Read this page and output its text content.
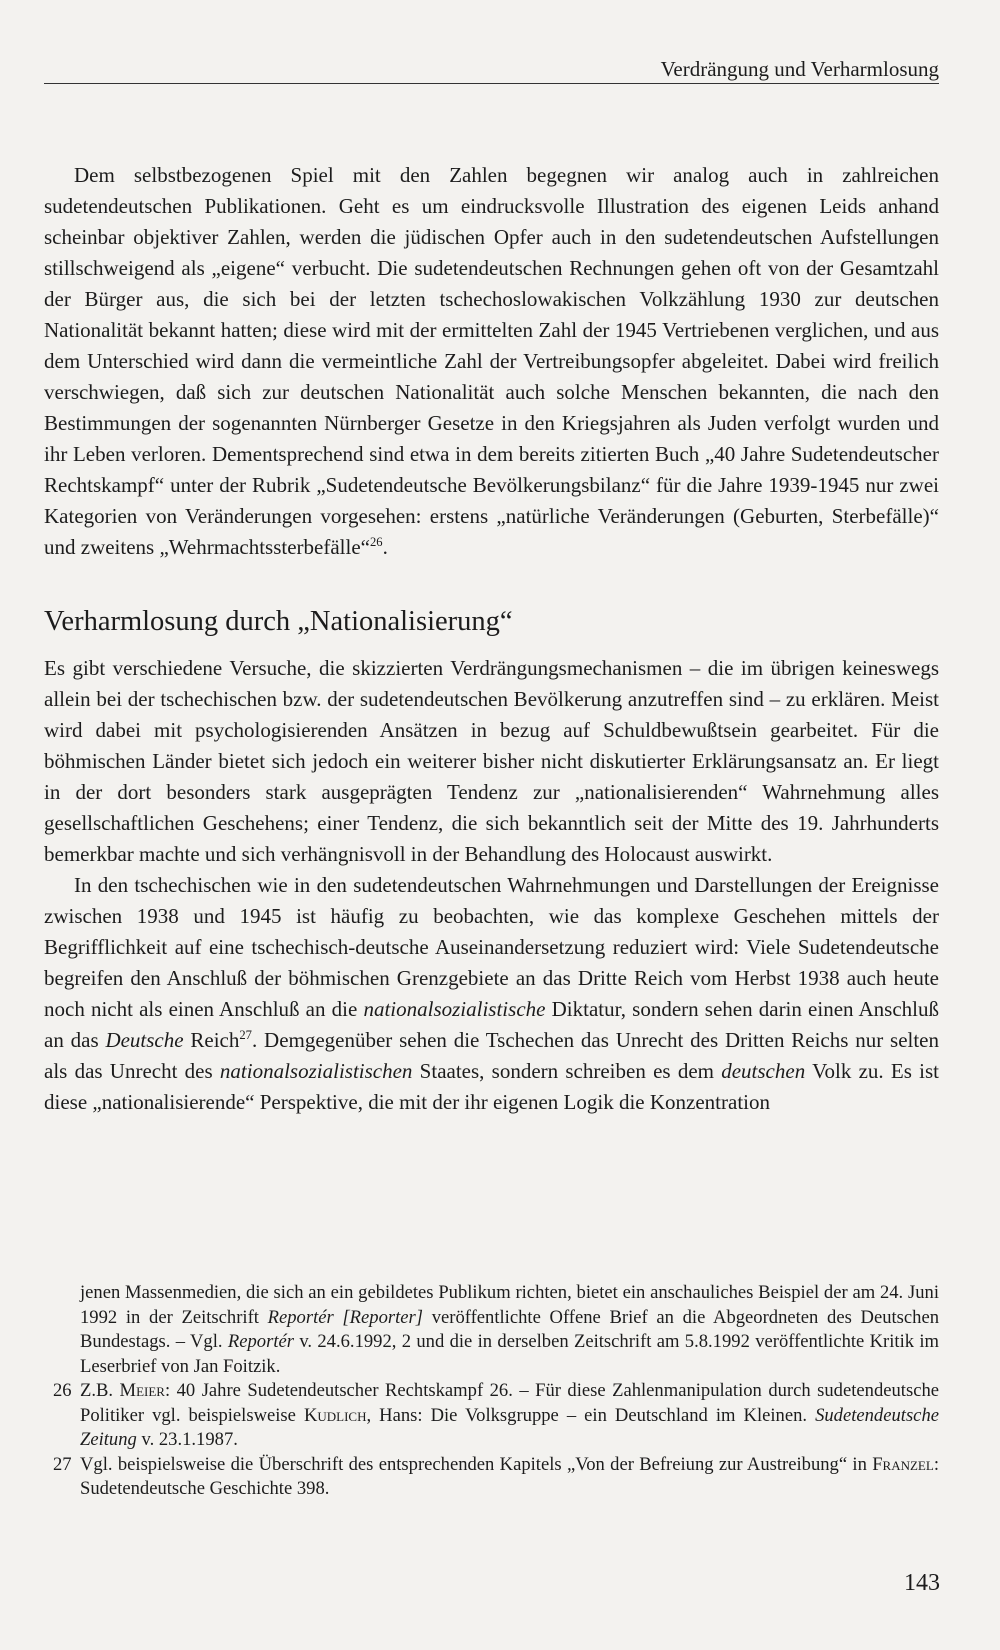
Verdrängung und Verharmlosung

Dem selbstbezogenen Spiel mit den Zahlen begegnen wir analog auch in zahlreichen sudetendeutschen Publikationen. Geht es um eindrucksvolle Illustration des eigenen Leids anhand scheinbar objektiver Zahlen, werden die jüdischen Opfer auch in den sudetendeutschen Aufstellungen stillschweigend als „eigene“ verbucht. Die sudetendeutschen Rechnungen gehen oft von der Gesamtzahl der Bürger aus, die sich bei der letzten tschechoslowakischen Volkzählung 1930 zur deutschen Nationalität bekannt hatten; diese wird mit der ermittelten Zahl der 1945 Vertriebenen verglichen, und aus dem Unterschied wird dann die vermeintliche Zahl der Vertreibungsopfer abgeleitet. Dabei wird freilich verschwiegen, daß sich zur deutschen Nationalität auch solche Menschen bekannten, die nach den Bestimmungen der sogenannten Nürnberger Gesetze in den Kriegsjahren als Juden verfolgt wurden und ihr Leben verloren. Dementsprechend sind etwa in dem bereits zitierten Buch „40 Jahre Sudetendeutscher Rechtskampf“ unter der Rubrik „Sudetendeutsche Bevölkerungsbilanz“ für die Jahre 1939-1945 nur zwei Kategorien von Veränderungen vorgesehen: erstens „natürliche Veränderungen (Geburten, Sterbefälle)“ und zweitens „Wehrmachtssterbefälle“$^{26}$.

Verharmlosung durch „Nationalisierung“

Es gibt verschiedene Versuche, die skizzierten Verdrängungsmechanismen – die im übrigen keineswegs allein bei der tschechischen bzw. der sudetendeutschen Bevölkerung anzutreffen sind – zu erklären. Meist wird dabei mit psychologisierenden Ansätzen in bezug auf Schuldbewußtsein gearbeitet. Für die böhmischen Länder bietet sich jedoch ein weiterer bisher nicht diskutierter Erklärungsansatz an. Er liegt in der dort besonders stark ausgeprägten Tendenz zur „nationalisierenden“ Wahrnehmung alles gesellschaftlichen Geschehens; einer Tendenz, die sich bekanntlich seit der Mitte des 19. Jahrhunderts bemerkbar machte und sich verhängnisvoll in der Behandlung des Holocaust auswirkt.

In den tschechischen wie in den sudetendeutschen Wahrnehmungen und Darstellungen der Ereignisse zwischen 1938 und 1945 ist häufig zu beobachten, wie das komplexe Geschehen mittels der Begrifflichkeit auf eine tschechisch-deutsche Auseinandersetzung reduziert wird: Viele Sudetendeutsche begreifen den Anschluß der böhmischen Grenzgebiete an das Dritte Reich vom Herbst 1938 auch heute noch nicht als einen Anschluß an die nationalsozialistische Diktatur, sondern sehen darin einen Anschluß an das Deutsche Reich$^{27}$. Demgegenüber sehen die Tschechen das Unrecht des Dritten Reichs nur selten als das Unrecht des nationalsozialistischen Staates, sondern schreiben es dem deutschen Volk zu. Es ist diese „nationalisierende“ Perspektive, die mit der ihr eigenen Logik die Konzentration

jenen Massenmedien, die sich an ein gebildetes Publikum richten, bietet ein anschauliches Beispiel der am 24. Juni 1992 in der Zeitschrift Reportér [Reporter] veröffentlichte Offene Brief an die Abgeordneten des Deutschen Bundestags. – Vgl. Reportér v. 24.6.1992, 2 und die in derselben Zeitschrift am 5.8.1992 veröffentlichte Kritik im Leserbrief von Jan Foitzik.

26 Z.B. Meier: 40 Jahre Sudetendeutscher Rechtskampf 26. – Für diese Zahlenmanipulation durch sudetendeutsche Politiker vgl. beispielsweise Kudlich, Hans: Die Volksgruppe – ein Deutschland im Kleinen. Sudetendeutsche Zeitung v. 23.1.1987.

27 Vgl. beispielsweise die Überschrift des entsprechenden Kapitels „Von der Befreiung zur Austreibung“ in Franzel: Sudetendeutsche Geschichte 398.

143
